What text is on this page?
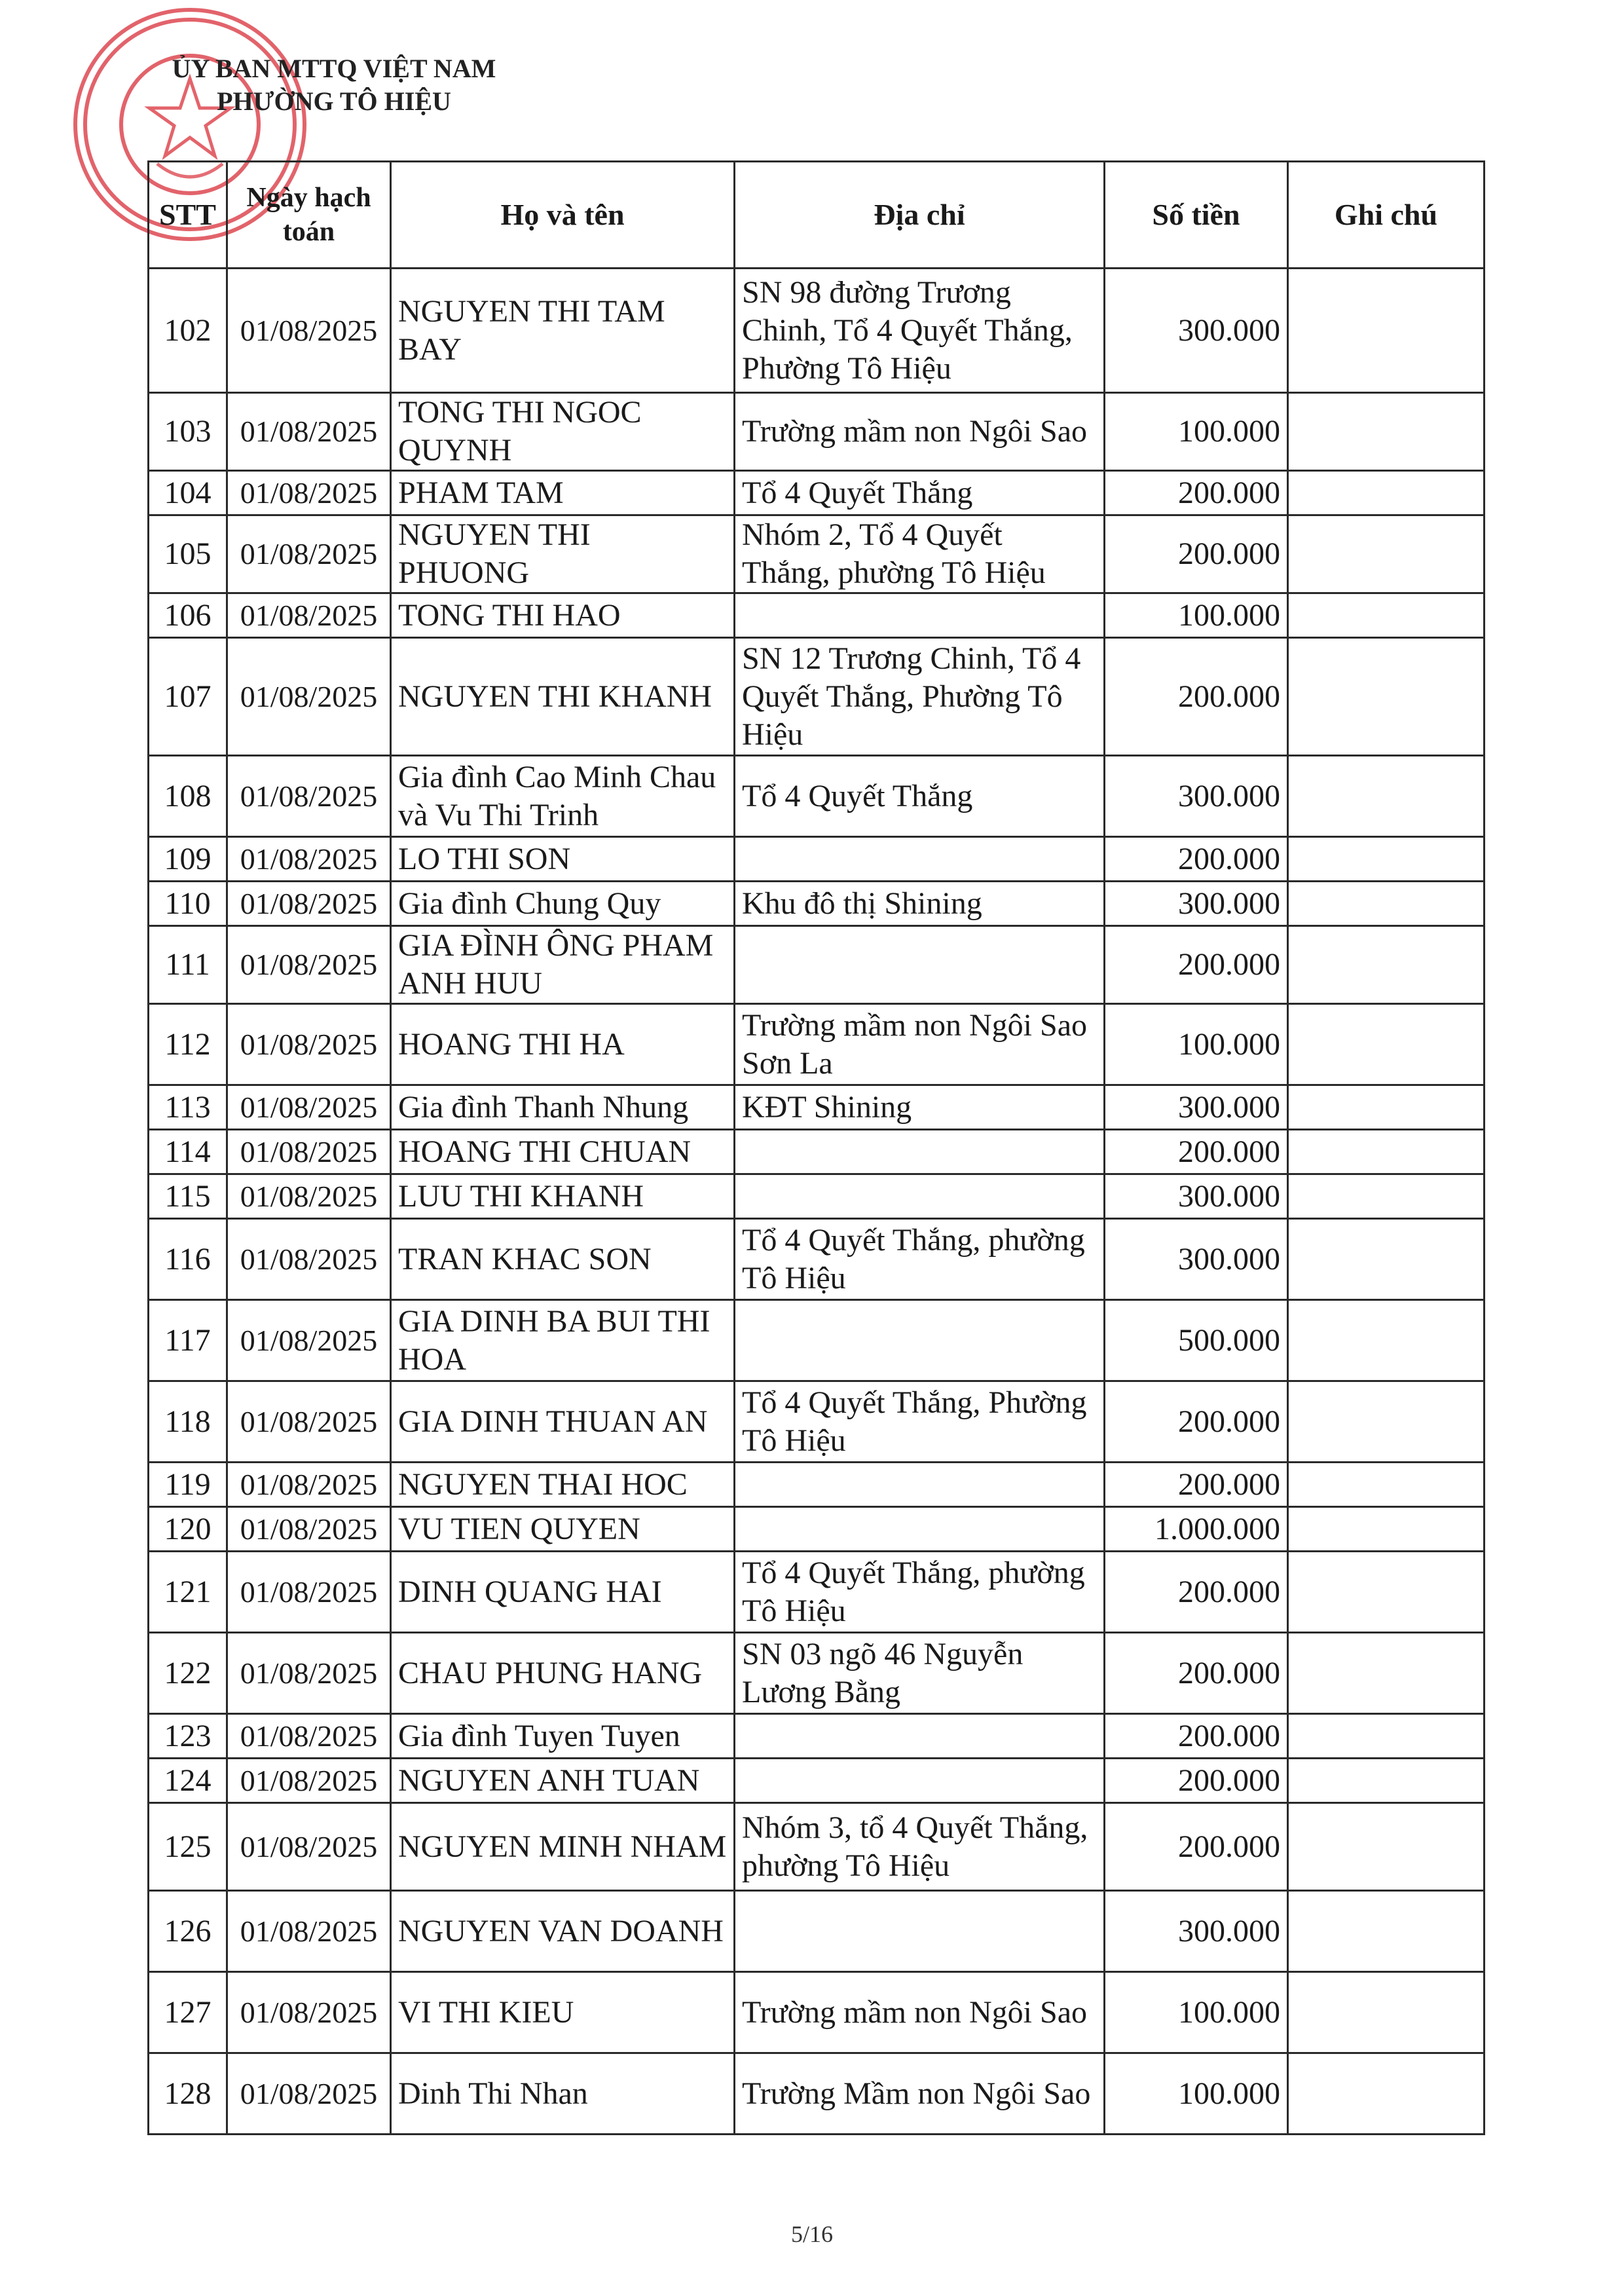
ỦY BAN MTTQ VIỆT NAM
PHƯỜNG TÔ HIỆU
STT	Ngày hạch toán	Họ và tên	Địa chỉ	Số tiền	Ghi chú
102	01/08/2025	NGUYEN THI TAM BAY	SN 98 đường Trương Chinh, Tổ 4 Quyết Thắng, Phường Tô Hiệu	300.000	
103	01/08/2025	TONG THI NGOC QUYNH	Trường mầm non Ngôi Sao	100.000	
104	01/08/2025	PHAM TAM	Tổ 4 Quyết Thắng	200.000	
105	01/08/2025	NGUYEN THI PHUONG	Nhóm 2, Tổ 4 Quyết Thắng, phường Tô Hiệu	200.000	
106	01/08/2025	TONG THI HAO		100.000	
107	01/08/2025	NGUYEN THI KHANH	SN 12 Trương Chinh, Tổ 4 Quyết Thắng, Phường Tô Hiệu	200.000	
108	01/08/2025	Gia đình Cao Minh Chau và Vu Thi Trinh	Tổ 4 Quyết Thắng	300.000	
109	01/08/2025	LO THI SON		200.000	
110	01/08/2025	Gia đình Chung Quy	Khu đô thị Shining	300.000	
111	01/08/2025	GIA ĐÌNH ÔNG PHAM ANH HUU		200.000	
112	01/08/2025	HOANG THI HA	Trường mầm non Ngôi Sao Sơn La	100.000	
113	01/08/2025	Gia đình Thanh Nhung	KĐT Shining	300.000	
114	01/08/2025	HOANG THI CHUAN		200.000	
115	01/08/2025	LUU THI KHANH		300.000	
116	01/08/2025	TRAN KHAC SON	Tổ 4 Quyết Thắng, phường Tô Hiệu	300.000	
117	01/08/2025	GIA DINH BA BUI THI HOA		500.000	
118	01/08/2025	GIA DINH THUAN AN	Tổ 4 Quyết Thắng, Phường Tô Hiệu	200.000	
119	01/08/2025	NGUYEN THAI HOC		200.000	
120	01/08/2025	VU TIEN QUYEN		1.000.000	
121	01/08/2025	DINH QUANG HAI	Tổ 4 Quyết Thắng, phường Tô Hiệu	200.000	
122	01/08/2025	CHAU PHUNG HANG	SN 03 ngõ 46 Nguyễn Lương Bằng	200.000	
123	01/08/2025	Gia đình Tuyen Tuyen		200.000	
124	01/08/2025	NGUYEN ANH TUAN		200.000	
125	01/08/2025	NGUYEN MINH NHAM	Nhóm 3, tổ 4 Quyết Thắng, phường Tô Hiệu	200.000	
126	01/08/2025	NGUYEN VAN DOANH		300.000	
127	01/08/2025	VI THI KIEU	Trường mầm non Ngôi Sao	100.000	
128	01/08/2025	Dinh Thi Nhan	Trường Mầm non Ngôi Sao	100.000	
5/16
